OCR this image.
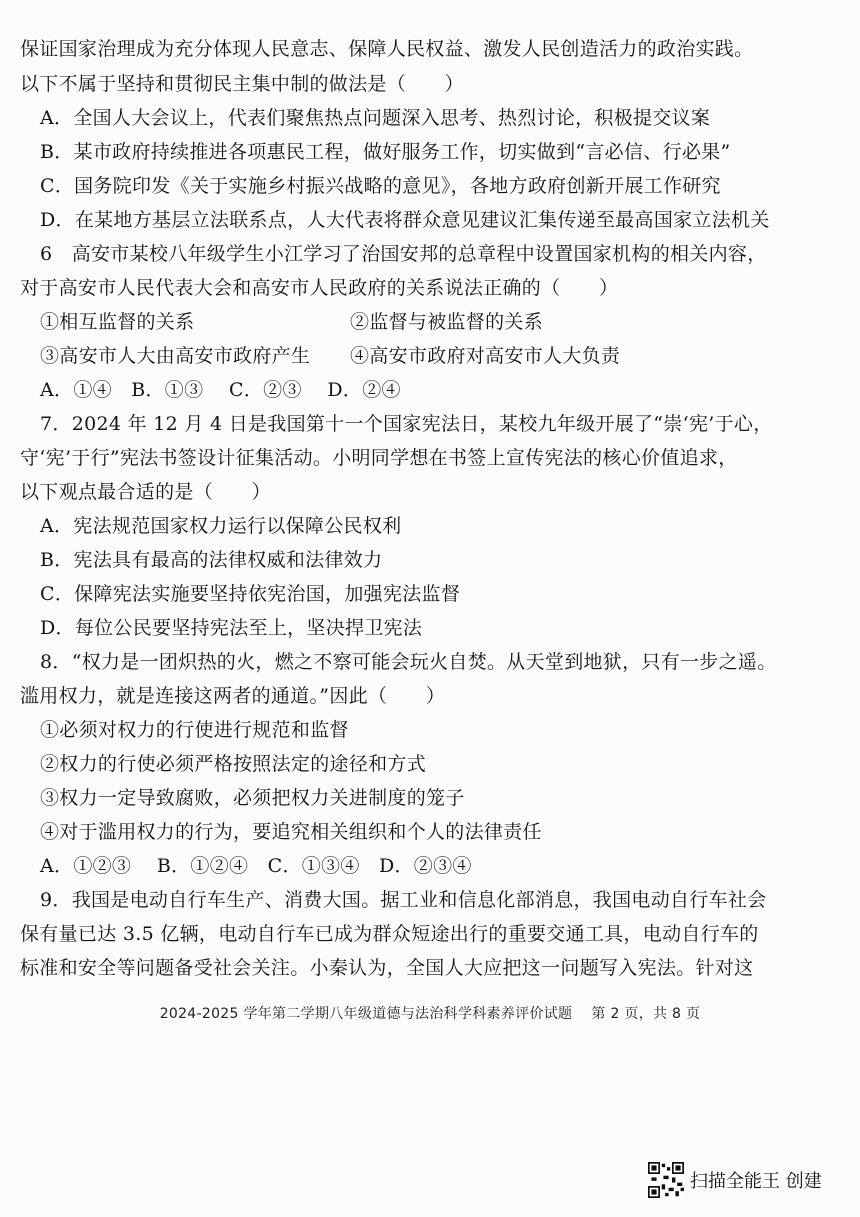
保证国家治理成为充分体现人民意志、保障人民权益、激发人民创造活力的政治实践。
以下不属于坚持和贯彻民主集中制的做法是（　　）
A．全国人大会议上，代表们聚焦热点问题深入思考、热烈讨论，积极提交议案
B．某市政府持续推进各项惠民工程，做好服务工作，切实做到“言必信、行必果”
C．国务院印发《关于实施乡村振兴战略的意见》，各地方政府创新开展工作研究
D．在某地方基层立法联系点，人大代表将群众意见建议汇集传递至最高国家立法机关
6　高安市某校八年级学生小江学习了治国安邦的总章程中设置国家机构的相关内容，
对于高安市人民代表大会和高安市人民政府的关系说法正确的（　　）
①相互监督的关系	②监督与被监督的关系
③高安市人大由高安市政府产生 ④高安市政府对高安市人大负责
A．①④　B．①③　 C．②③　 D．②④
7．2024 年 12 月 4 日是我国第十一个国家宪法日，某校九年级开展了“崇‘宪’于心，
守‘宪’于行”宪法书签设计征集活动。小明同学想在书签上宣传宪法的核心价值追求，
以下观点最合适的是（　　）
A．宪法规范国家权力运行以保障公民权利
B．宪法具有最高的法律权威和法律效力
C．保障宪法实施要坚持依宪治国，加强宪法监督
D．每位公民要坚持宪法至上，坚决捍卫宪法
8．“权力是一团炽热的火，燃之不察可能会玩火自焚。从天堂到地狱，只有一步之遥。
滥用权力，就是连接这两者的通道。”因此（　　）
①必须对权力的行使进行规范和监督
②权力的行使必须严格按照法定的途径和方式
③权力一定导致腐败，必须把权力关进制度的笼子
④对于滥用权力的行为，要追究相关组织和个人的法律责任
A．①②③　 B．①②④　C．①③④　D．②③④
9．我国是电动自行车生产、消费大国。据工业和信息化部消息，我国电动自行车社会
保有量已达 3.5 亿辆，电动自行车已成为群众短途出行的重要交通工具，电动自行车的
标准和安全等问题备受社会关注。小秦认为，全国人大应把这一问题写入宪法。针对这
2024-2025 学年第二学期八年级道德与法治科学科素养评价试题　 第 2 页，共 8 页
扫描全能王 创建
